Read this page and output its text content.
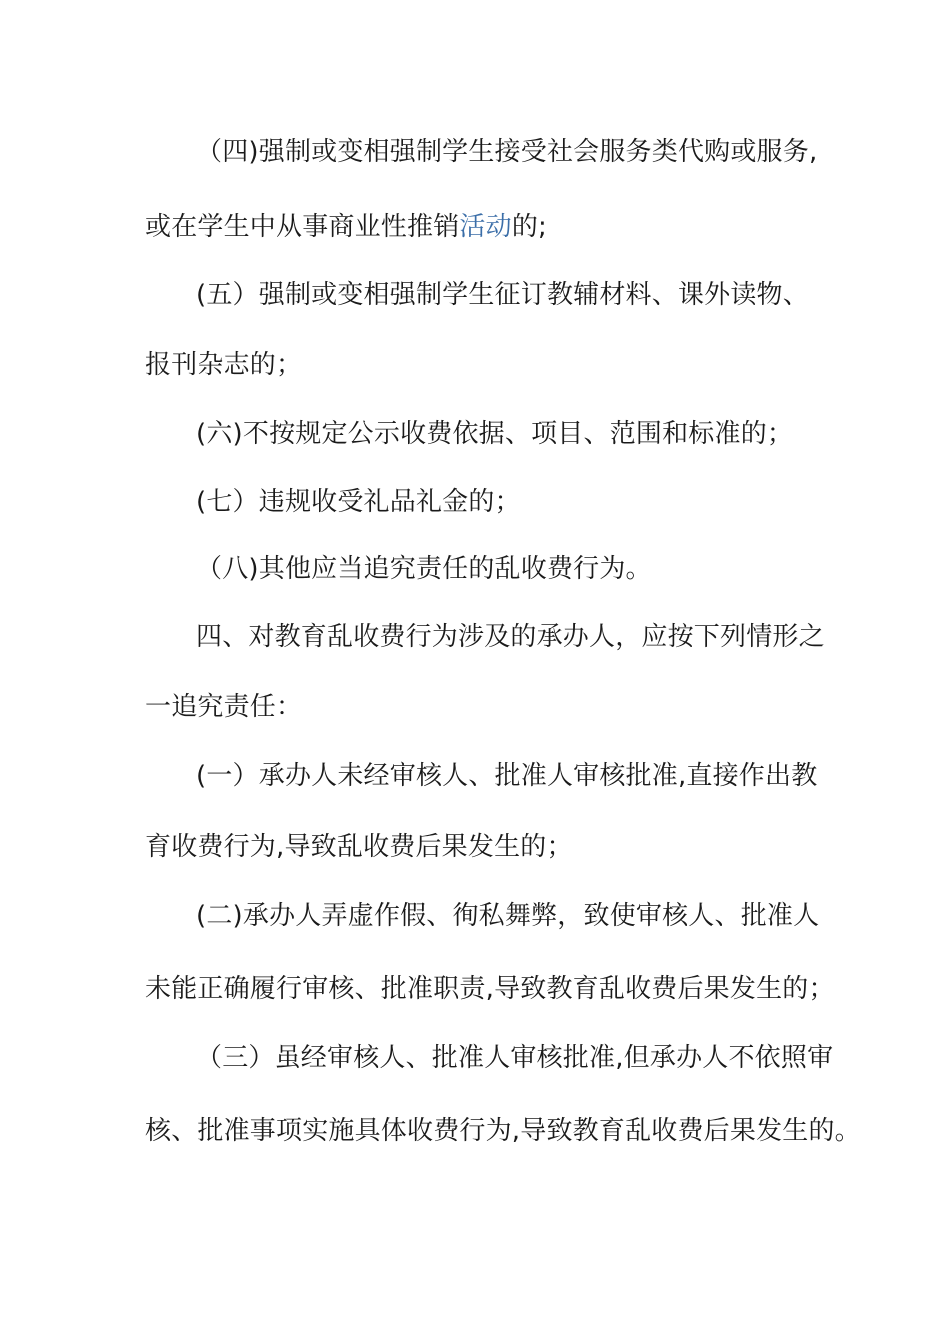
（四)强制或变相强制学生接受社会服务类代购或服务,
或在学生中从事商业性推销活动的;
(五）强制或变相强制学生征订教辅材料、课外读物、
报刊杂志的；
(六)不按规定公示收费依据、项目、范围和标准的；
(七）违规收受礼品礼金的；
（八)其他应当追究责任的乱收费行为。
四、对教育乱收费行为涉及的承办人，应按下列情形之
一追究责任：
(一）承办人未经审核人、批准人审核批准,直接作出教
育收费行为,导致乱收费后果发生的；
(二)承办人弄虚作假、徇私舞弊，致使审核人、批准人
未能正确履行审核、批准职责,导致教育乱收费后果发生的；
（三）虽经审核人、批准人审核批准,但承办人不依照审
核、批准事项实施具体收费行为,导致教育乱收费后果发生的。
